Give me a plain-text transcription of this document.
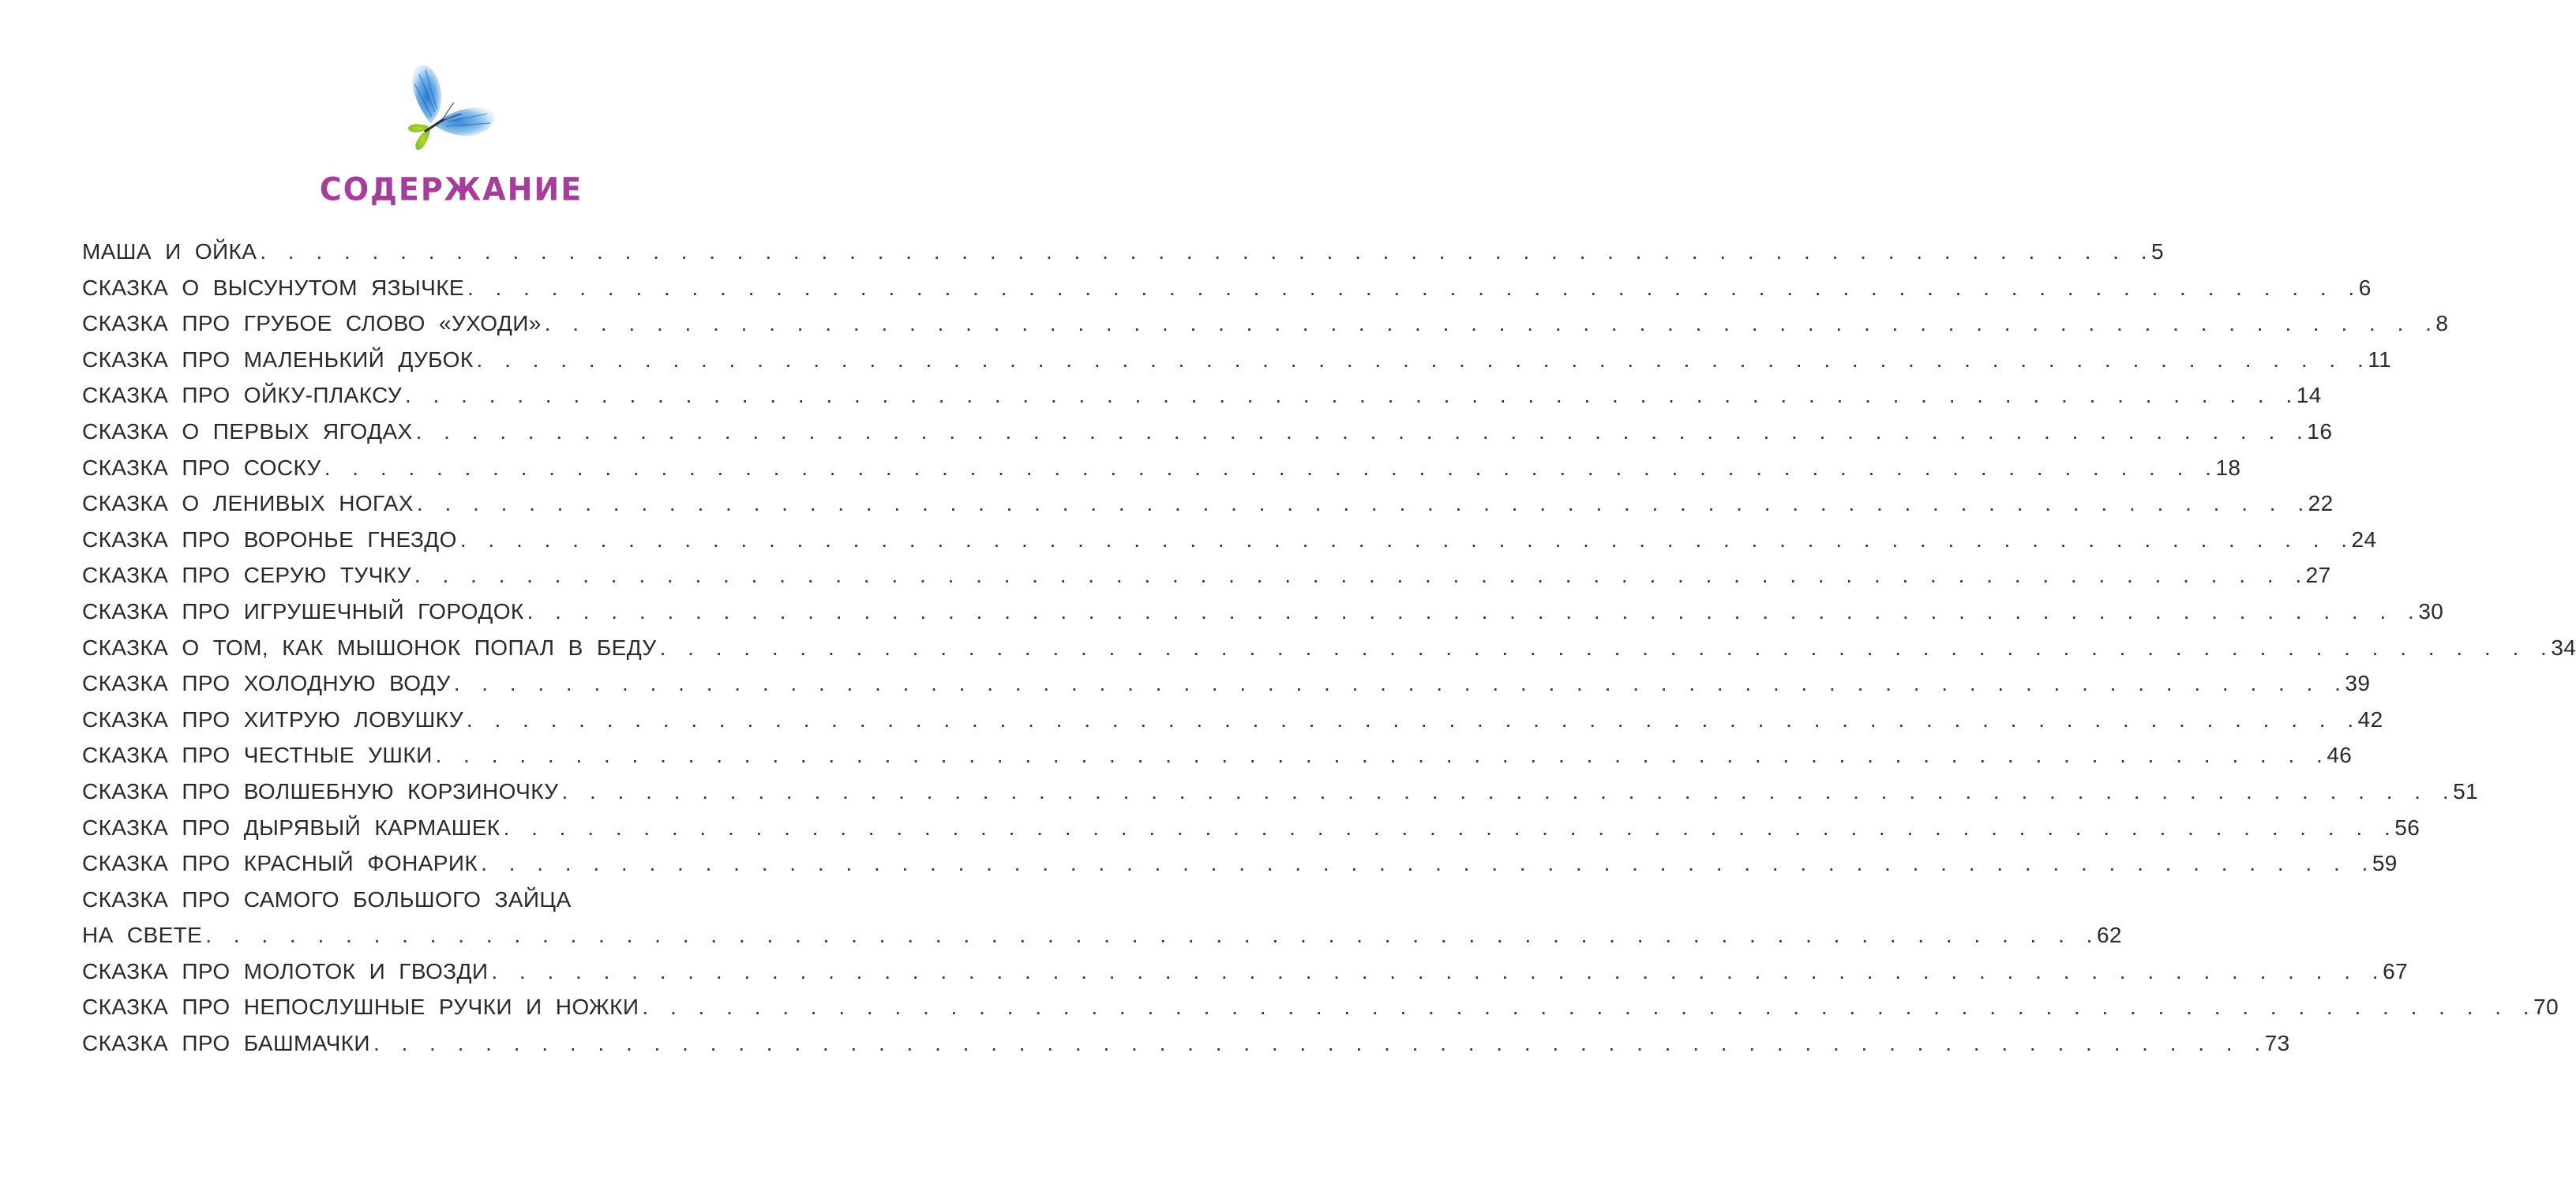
СОДЕРЖАНИЕ
МАША И ОЙКА . . . . . . . . . . . . . . . . . . . . . . . . . . . . . . . . . . . . . . . . . . . . . . . . . . . . . . . . . . . . . . . . . . . . 5
СКАЗКА О ВЫСУНУТОМ ЯЗЫЧКЕ . . . . . . . . . . . . . . . . . . . . . . . . . . . . . . . . . . . . . . . . . . . . . . . . . . . . . . . . . . . . . . . . . . . . 6
СКАЗКА ПРО ГРУБОЕ СЛОВО «УХОДИ» . . . . . . . . . . . . . . . . . . . . . . . . . . . . . . . . . . . . . . . . . . . . . . . . . . . . . . . . . . . . . . . . . . . . 8
СКАЗКА ПРО МАЛЕНЬКИЙ ДУБОК . . . . . . . . . . . . . . . . . . . . . . . . . . . . . . . . . . . . . . . . . . . . . . . . . . . . . . . . . . . . . . . . . . . . 11
СКАЗКА ПРО ОЙКУ-ПЛАКСУ . . . . . . . . . . . . . . . . . . . . . . . . . . . . . . . . . . . . . . . . . . . . . . . . . . . . . . . . . . . . . . . . . . . . 14
СКАЗКА О ПЕРВЫХ ЯГОДАХ . . . . . . . . . . . . . . . . . . . . . . . . . . . . . . . . . . . . . . . . . . . . . . . . . . . . . . . . . . . . . . . . . . . . 16
СКАЗКА ПРО СОСКУ . . . . . . . . . . . . . . . . . . . . . . . . . . . . . . . . . . . . . . . . . . . . . . . . . . . . . . . . . . . . . . . . . . . . 18
СКАЗКА О ЛЕНИВЫХ НОГАХ . . . . . . . . . . . . . . . . . . . . . . . . . . . . . . . . . . . . . . . . . . . . . . . . . . . . . . . . . . . . . . . . . . . . 22
СКАЗКА ПРО ВОРОНЬЕ ГНЕЗДО . . . . . . . . . . . . . . . . . . . . . . . . . . . . . . . . . . . . . . . . . . . . . . . . . . . . . . . . . . . . . . . . . . . . 24
СКАЗКА ПРО СЕРУЮ ТУЧКУ . . . . . . . . . . . . . . . . . . . . . . . . . . . . . . . . . . . . . . . . . . . . . . . . . . . . . . . . . . . . . . . . . . . . 27
СКАЗКА ПРО ИГРУШЕЧНЫЙ ГОРОДОК . . . . . . . . . . . . . . . . . . . . . . . . . . . . . . . . . . . . . . . . . . . . . . . . . . . . . . . . . . . . . . . . . . . . 30
СКАЗКА О ТОМ, КАК МЫШОНОК ПОПАЛ В БЕДУ . . . . . . . . . . . . . . . . . . . . . . . . . . . . . . . . . . . . . . . . . . . . . . . . . . . . . . . . . . . . . . . . . . . . 34
СКАЗКА ПРО ХОЛОДНУЮ ВОДУ . . . . . . . . . . . . . . . . . . . . . . . . . . . . . . . . . . . . . . . . . . . . . . . . . . . . . . . . . . . . . . . . . . . . 39
СКАЗКА ПРО ХИТРУЮ ЛОВУШКУ . . . . . . . . . . . . . . . . . . . . . . . . . . . . . . . . . . . . . . . . . . . . . . . . . . . . . . . . . . . . . . . . . . . . 42
СКАЗКА ПРО ЧЕСТНЫЕ УШКИ . . . . . . . . . . . . . . . . . . . . . . . . . . . . . . . . . . . . . . . . . . . . . . . . . . . . . . . . . . . . . . . . . . . . 46
СКАЗКА ПРО ВОЛШЕБНУЮ КОРЗИНОЧКУ . . . . . . . . . . . . . . . . . . . . . . . . . . . . . . . . . . . . . . . . . . . . . . . . . . . . . . . . . . . . . . . . . . . . 51
СКАЗКА ПРО ДЫРЯВЫЙ КАРМАШЕК . . . . . . . . . . . . . . . . . . . . . . . . . . . . . . . . . . . . . . . . . . . . . . . . . . . . . . . . . . . . . . . . . . . . 56
СКАЗКА ПРО КРАСНЫЙ ФОНАРИК . . . . . . . . . . . . . . . . . . . . . . . . . . . . . . . . . . . . . . . . . . . . . . . . . . . . . . . . . . . . . . . . . . . . 59
СКАЗКА ПРО САМОГО БОЛЬШОГО ЗАЙЦА
НА СВЕТЕ . . . . . . . . . . . . . . . . . . . . . . . . . . . . . . . . . . . . . . . . . . . . . . . . . . . . . . . . . . . . . . . . . . . . 62
СКАЗКА ПРО МОЛОТОК И ГВОЗДИ . . . . . . . . . . . . . . . . . . . . . . . . . . . . . . . . . . . . . . . . . . . . . . . . . . . . . . . . . . . . . . . . . . . . 67
СКАЗКА ПРО НЕПОСЛУШНЫЕ РУЧКИ И НОЖКИ . . . . . . . . . . . . . . . . . . . . . . . . . . . . . . . . . . . . . . . . . . . . . . . . . . . . . . . . . . . . . . . . . . . . 70
СКАЗКА ПРО БАШМАЧКИ . . . . . . . . . . . . . . . . . . . . . . . . . . . . . . . . . . . . . . . . . . . . . . . . . . . . . . . . . . . . . . . . . . . . 73
